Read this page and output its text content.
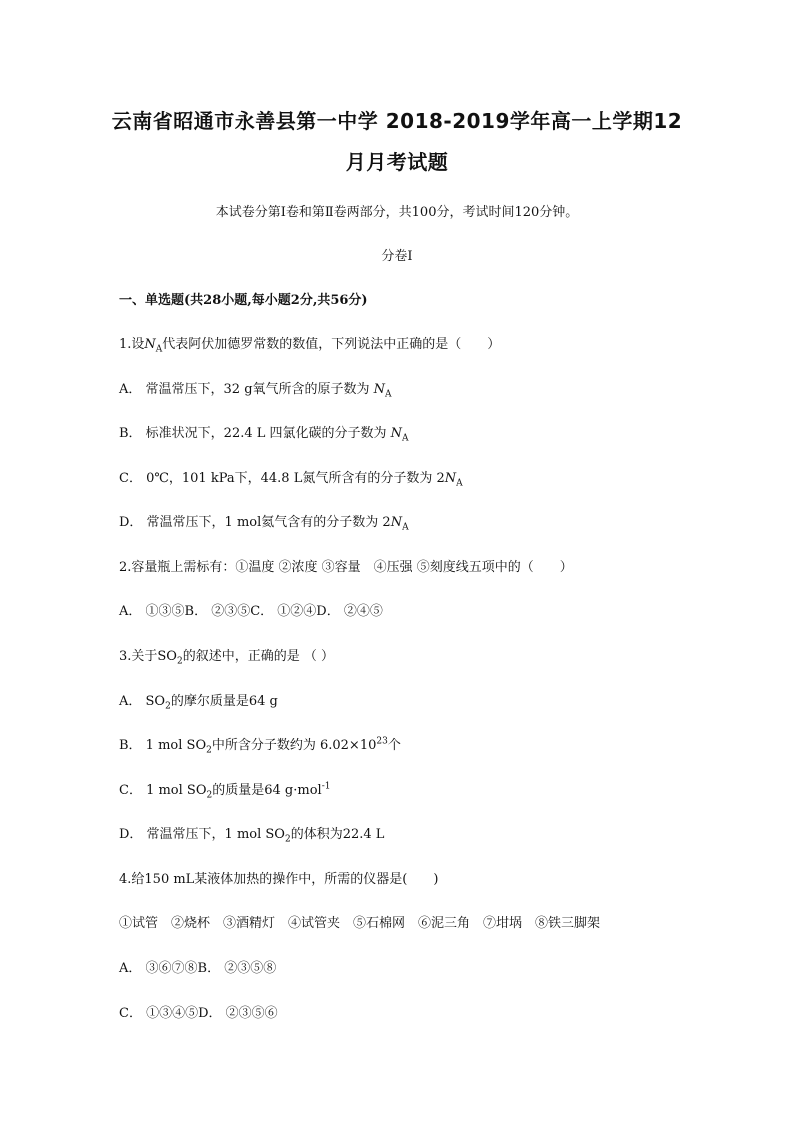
云南省昭通市永善县第一中学 2018-2019学年高一上学期12
月月考试题
本试卷分第Ⅰ卷和第Ⅱ卷两部分，共100分，考试时间120分钟。
分卷I
一、单选题(共28小题,每小题2分,共56分)
1.设$N_A$代表阿伏加德罗常数的数值，下列说法中正确的是（　　）
A． 常温常压下，32 g氧气所含的原子数为 $N_A$
B． 标准状况下，22.4 L 四氯化碳的分子数为 $N_A$
C． 0℃，101 kPa下，44.8 L氮气所含有的分子数为 $2N_A$
D． 常温常压下，1 mol氦气含有的分子数为 $2N_A$
2.容量瓶上需标有：①温度 ②浓度 ③容量　④压强 ⑤刻度线五项中的（　　）
A． ①③⑤B． ②③⑤C． ①②④D． ②④⑤
3.关于$SO_2$的叙述中，正确的是 （ ）
A． $SO_2$的摩尔质量是64 g
B． 1 mol $SO_2$中所含分子数约为 $6.02\times 10^{23}$个
C． 1 mol $SO_2$的质量是64 g·mol$^{-1}$
D． 常温常压下，1 mol $SO_2$的体积为22.4 L
4.给150 mL某液体加热的操作中，所需的仪器是(　　)
①试管　②烧杯　③酒精灯　④试管夹　⑤石棉网　⑥泥三角　⑦坩埚　⑧铁三脚架
A． ③⑥⑦⑧B． ②③⑤⑧
C． ①③④⑤D． ②③⑤⑥
